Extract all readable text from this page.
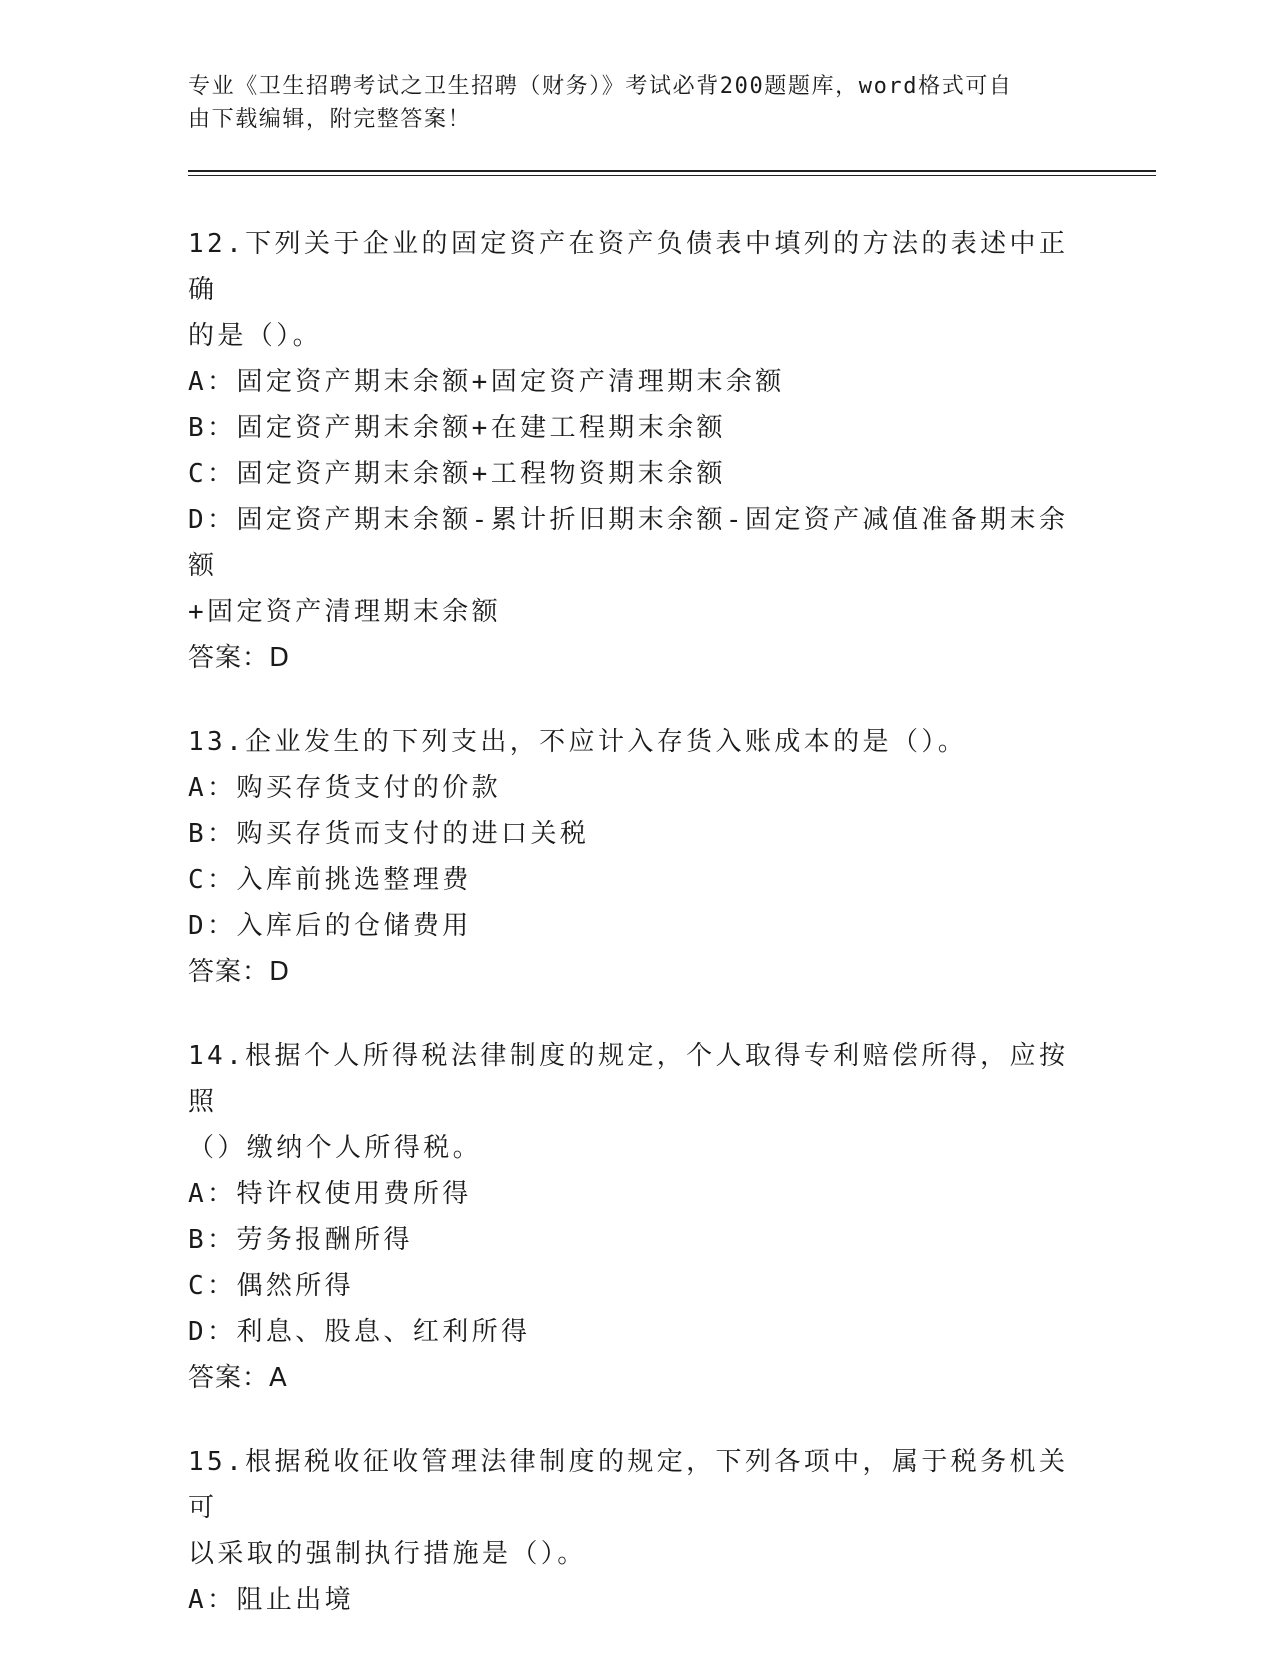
专业《卫生招聘考试之卫生招聘（财务）》考试必背200题题库，word格式可自

由下载编辑，附完整答案！

12.下列关于企业的固定资产在资产负债表中填列的方法的表述中正确

的是（）。

A：固定资产期末余额+固定资产清理期末余额

B：固定资产期末余额+在建工程期末余额

C：固定资产期末余额+工程物资期末余额

D：固定资产期末余额-累计折旧期末余额-固定资产减值准备期末余额

+固定资产清理期末余额

答案：D

13.企业发生的下列支出，不应计入存货入账成本的是（）。

A：购买存货支付的价款

B：购买存货而支付的进口关税

C：入库前挑选整理费

D：入库后的仓储费用

答案：D

14.根据个人所得税法律制度的规定，个人取得专利赔偿所得，应按照

（）缴纳个人所得税。

A：特许权使用费所得

B：劳务报酬所得

C：偶然所得

D：利息、股息、红利所得

答案：A

15.根据税收征收管理法律制度的规定，下列各项中，属于税务机关可

以采取的强制执行措施是（）。

A：阻止出境
